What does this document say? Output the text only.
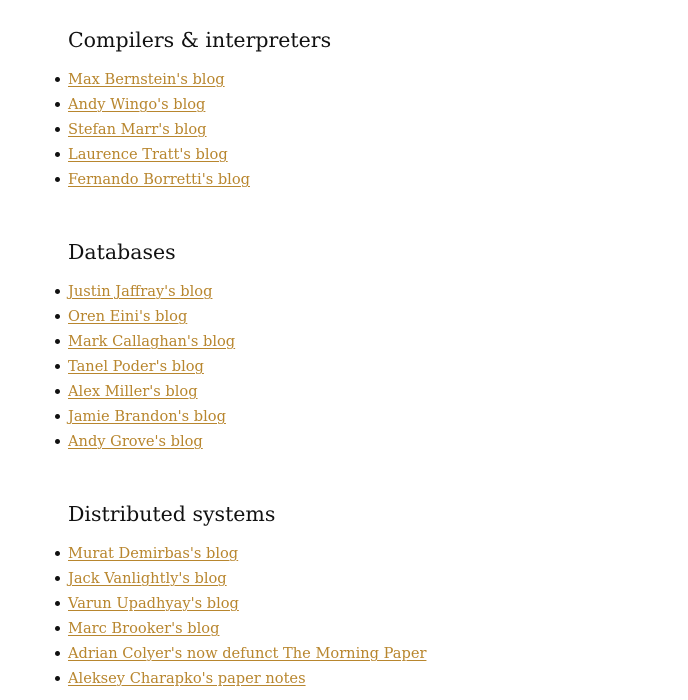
Compilers & interpreters
Max Bernstein's blog
Andy Wingo's blog
Stefan Marr's blog
Laurence Tratt's blog
Fernando Borretti's blog
Databases
Justin Jaffray's blog
Oren Eini's blog
Mark Callaghan's blog
Tanel Poder's blog
Alex Miller's blog
Jamie Brandon's blog
Andy Grove's blog
Distributed systems
Murat Demirbas's blog
Jack Vanlightly's blog
Varun Upadhyay's blog
Marc Brooker's blog
Adrian Colyer's now defunct The Morning Paper
Aleksey Charapko's paper notes
